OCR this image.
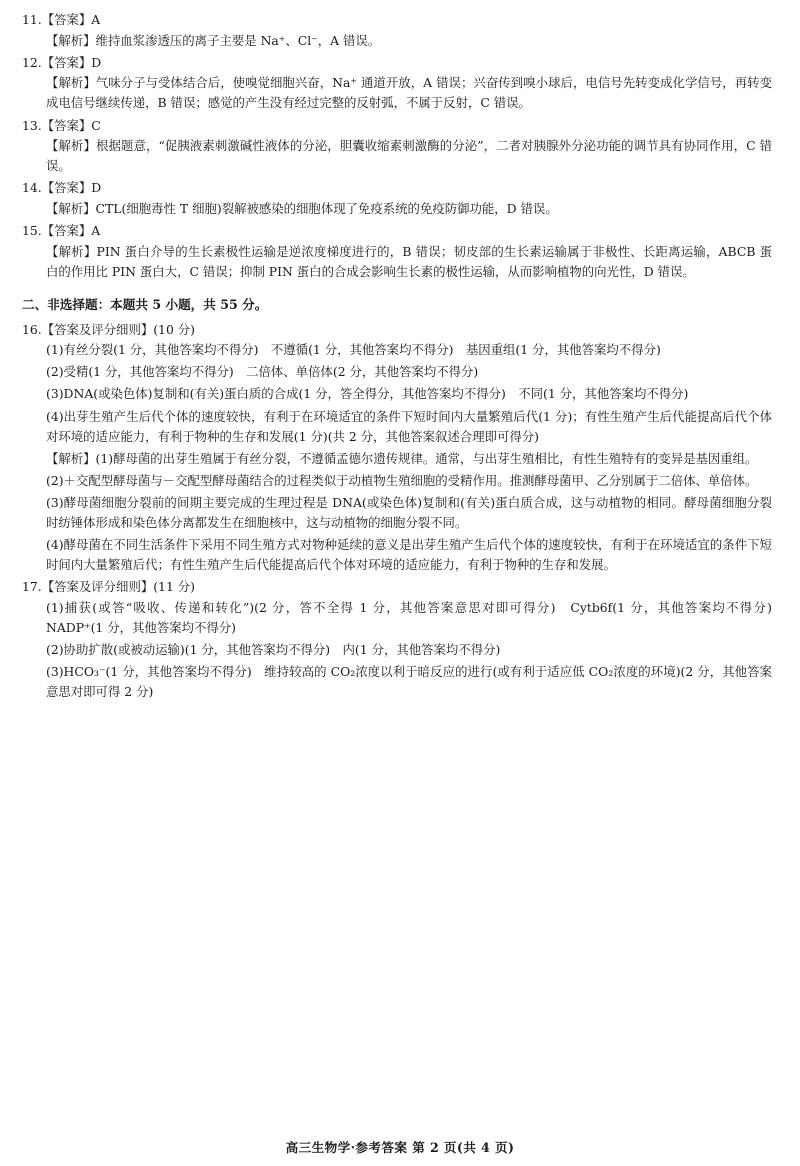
11.【答案】A
【解析】维持血浆渗透压的离子主要是 Na⁺、Cl⁻，A 错误。
12.【答案】D
【解析】气味分子与受体结合后，使嗅觉细胞兴奋，Na⁺ 通道开放，A 错误；兴奋传到嗅小球后，电信号先转变成化学信号，再转变成电信号继续传递，B 错误；感觉的产生没有经过完整的反射弧，不属于反射，C 错误。
13.【答案】C
【解析】根据题意，“促胰液素刺激碱性液体的分泌，胆囊收缩素刺激酶的分泌”，二者对胰腺外分泌功能的调节具有协同作用，C 错误。
14.【答案】D
【解析】CTL(细胞毒性 T 细胞)裂解被感染的细胞体现了免疫系统的免疫防御功能，D 错误。
15.【答案】A
【解析】PIN 蛋白介导的生长素极性运输是逆浓度梯度进行的，B 错误；韧皮部的生长素运输属于非极性、长距离运输，ABCB 蛋白的作用比 PIN 蛋白大，C 错误；抑制 PIN 蛋白的合成会影响生长素的极性运输，从而影响植物的向光性，D 错误。
二、非选择题：本题共 5 小题，共 55 分。
16.【答案及评分细则】(10 分)
(1)有丝分裂(1 分，其他答案均不得分)　不遵循(1 分，其他答案均不得分)　基因重组(1 分，其他答案均不得分)
(2)受精(1 分，其他答案均不得分)　二倍体、单倍体(2 分，其他答案均不得分)
(3)DNA(或染色体)复制和(有关)蛋白质的合成(1 分，答全得分，其他答案均不得分)　不同(1 分，其他答案均不得分)
(4)出芽生殖产生后代个体的速度较快，有利于在环境适宜的条件下短时间内大量繁殖后代(1 分)；有性生殖产生后代能提高后代个体对环境的适应能力，有利于物种的生存和发展(1 分)(共 2 分，其他答案叙述合理即可得分)
【解析】(1)酵母菌的出芽生殖属于有丝分裂，不遵循孟德尔遗传规律。通常，与出芽生殖相比，有性生殖特有的变异是基因重组。
(2)＋交配型酵母菌与－交配型酵母菌结合的过程类似于动植物生殖细胞的受精作用。推测酵母菌甲、乙分别属于二倍体、单倍体。
(3)酵母菌细胞分裂前的间期主要完成的生理过程是 DNA(或染色体)复制和(有关)蛋白质合成，这与动植物的相同。酵母菌细胞分裂时纺锤体形成和染色体分离都发生在细胞核中，这与动植物的细胞分裂不同。
(4)酵母菌在不同生活条件下采用不同生殖方式对物种延续的意义是出芽生殖产生后代个体的速度较快，有利于在环境适宜的条件下短时间内大量繁殖后代；有性生殖产生后代能提高后代个体对环境的适应能力，有利于物种的生存和发展。
17.【答案及评分细则】(11 分)
(1)捕获(或答“吸收、传递和转化”)(2 分，答不全得 1 分，其他答案意思对即可得分)　Cytb6f(1 分，其他答案均不得分)　NADP⁺(1 分，其他答案均不得分)
(2)协助扩散(或被动运输)(1 分，其他答案均不得分)　内(1 分，其他答案均不得分)
(3)HCO₃⁻(1 分，其他答案均不得分)　维持较高的 CO₂浓度以利于暗反应的进行(或有利于适应低 CO₂浓度的环境)(2 分，其他答案意思对即可得 2 分)
高三生物学·参考答案 第 2 页(共 4 页)
